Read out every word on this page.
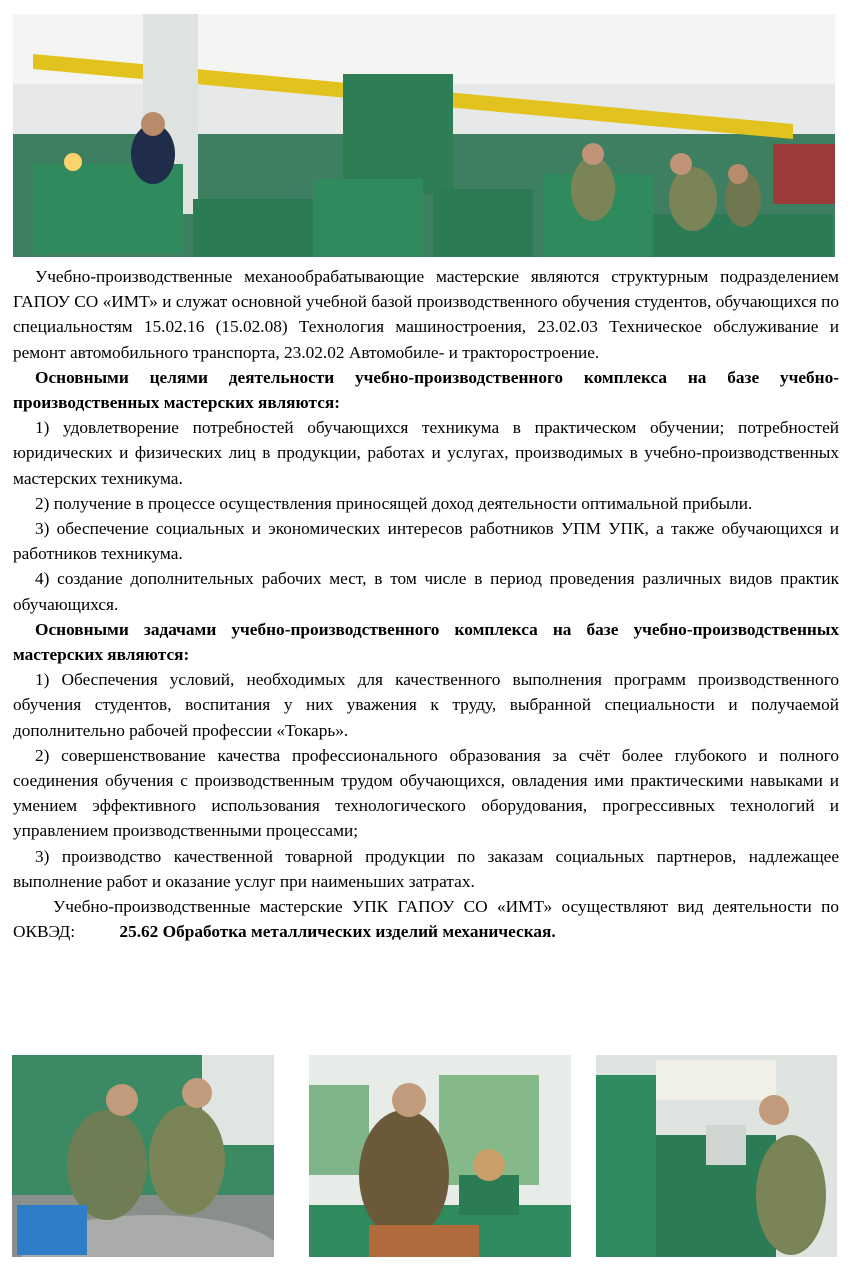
Учебно-производственные механообрабатывающие мастерские являются структурным подразделением ГАПОУ СО «ИМТ» и служат основной учебной базой производственного обучения студентов, обучающихся по специальностям 15.02.16 (15.02.08) Технология машиностроения, 23.02.03 Техническое обслуживание и ремонт автомобильного транспорта, 23.02.02 Автомобиле- и тракторостроение.

Основными целями деятельности учебно-производственного комплекса на базе учебно-производственных мастерских являются:

1) удовлетворение потребностей обучающихся техникума в практическом обучении; потребностей юридических и физических лиц в продукции, работах и услугах, производимых в учебно-производственных мастерских техникума.

2) получение в процессе осуществления приносящей доход деятельности оптимальной прибыли.

3) обеспечение социальных и экономических интересов работников УПМ УПК, а также обучающихся и работников техникума.

4) создание дополнительных рабочих мест, в том числе в период проведения различных видов практик обучающихся.

Основными задачами учебно-производственного комплекса на базе учебно-производственных мастерских являются:

1) Обеспечения условий, необходимых для качественного выполнения программ производственного обучения студентов, воспитания у них уважения к труду, выбранной специальности и получаемой дополнительно рабочей профессии «Токарь».

2) совершенствование качества профессионального образования за счёт более глубокого и полного соединения обучения с производственным трудом обучающихся, овладения ими практическими навыками и умением эффективного использования технологического оборудования, прогрессивных технологий и управлением производственными процессами;

3) производство качественной товарной продукции по заказам социальных партнеров, надлежащее выполнение работ и оказание услуг при наименьших затратах.

Учебно-производственные мастерские УПК ГАПОУ СО «ИМТ» осуществляют вид деятельности по ОКВЭД:	25.62 Обработка металлических изделий механическая.
